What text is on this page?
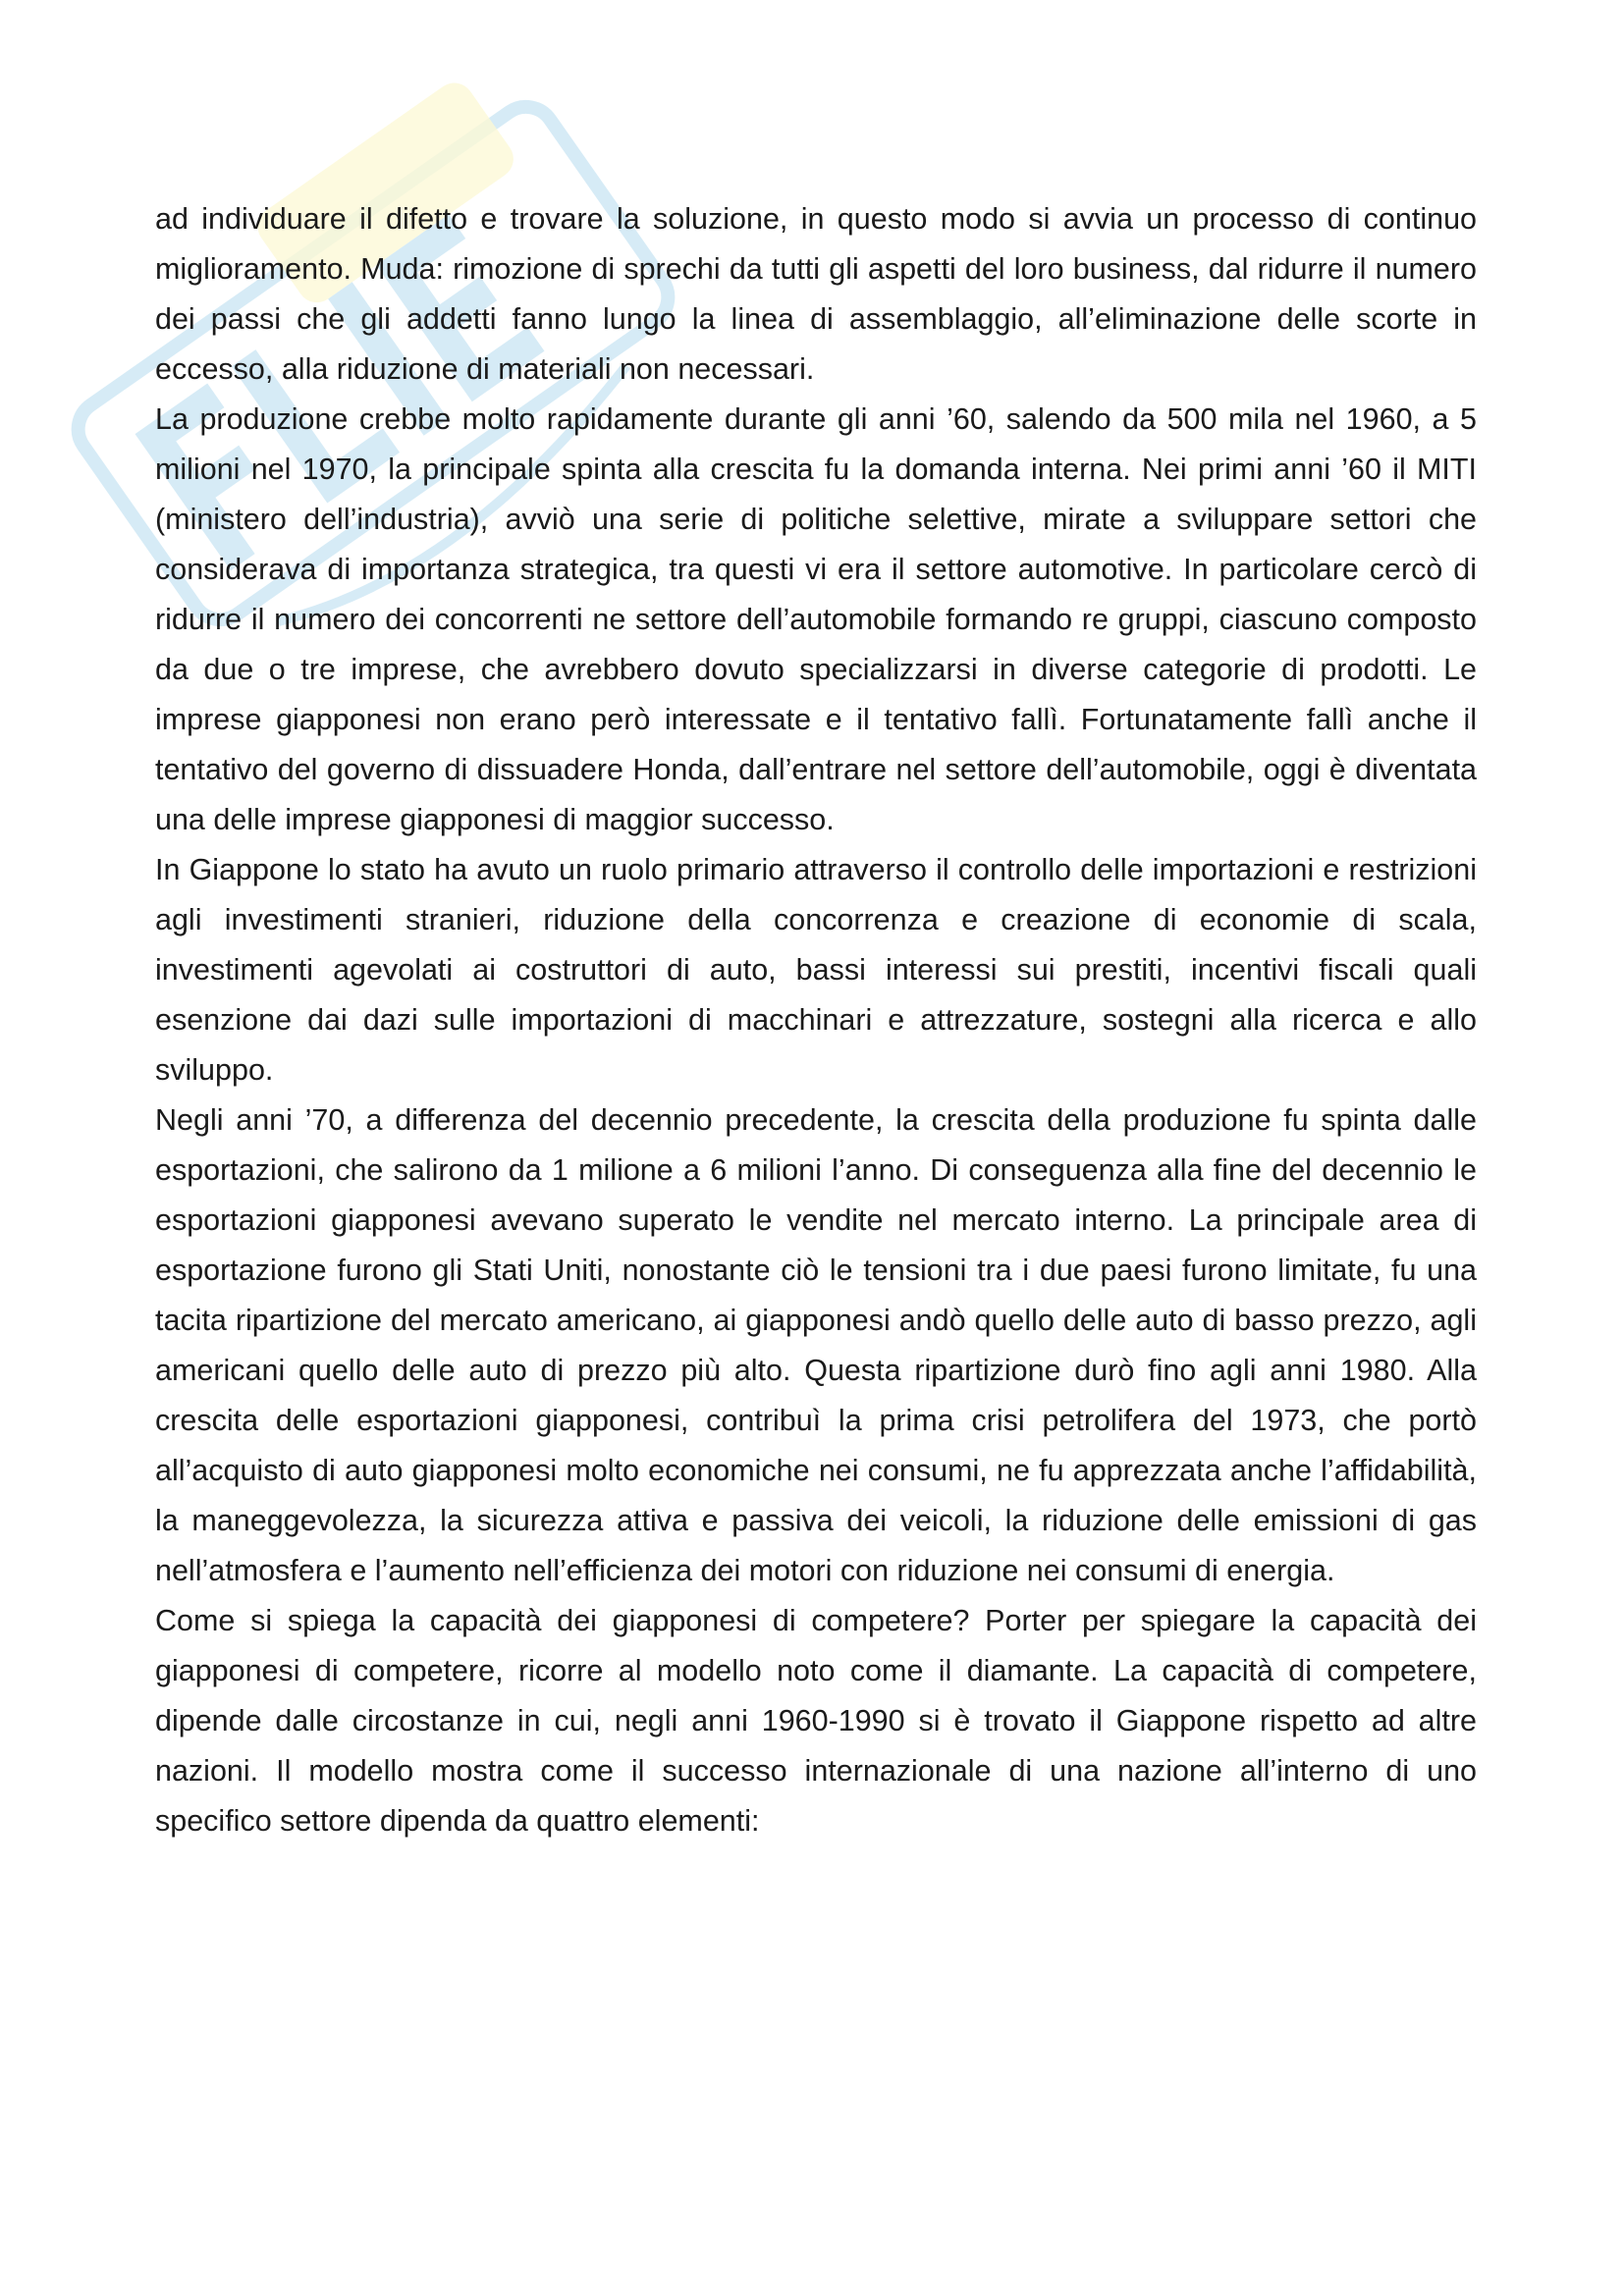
ad individuare il difetto e trovare la soluzione, in questo modo si avvia un processo di continuo miglioramento. Muda: rimozione di sprechi da tutti gli aspetti del loro business, dal ridurre il numero dei passi che gli addetti fanno lungo la linea di assemblaggio, all’eliminazione delle scorte in eccesso, alla riduzione di materiali non necessari.

La produzione crebbe molto rapidamente durante gli anni ’60, salendo da 500 mila nel 1960, a 5 milioni nel 1970, la principale spinta alla crescita fu la domanda interna. Nei primi anni ’60 il MITI (ministero dell’industria), avviò una serie di politiche selettive, mirate a sviluppare settori che considerava di importanza strategica, tra questi vi era il settore automotive. In particolare cercò di ridurre il numero dei concorrenti ne settore dell’automobile formando re gruppi, ciascuno composto da due o tre imprese, che avrebbero dovuto specializzarsi in diverse categorie di prodotti. Le imprese giapponesi non erano però interessate e il tentativo fallì. Fortunatamente fallì anche il tentativo del governo di dissuadere Honda, dall’entrare nel settore dell’automobile, oggi è diventata una delle imprese giapponesi di maggior successo.

In Giappone lo stato ha avuto un ruolo primario attraverso il controllo delle importazioni e restrizioni agli investimenti stranieri, riduzione della concorrenza e creazione di economie di scala, investimenti agevolati ai costruttori di auto, bassi interessi sui prestiti, incentivi fiscali quali esenzione dai dazi sulle importazioni di macchinari e attrezzature, sostegni alla ricerca e allo sviluppo.

Negli anni ’70, a differenza del decennio precedente, la crescita della produzione fu spinta dalle esportazioni, che salirono da 1 milione a 6 milioni l’anno. Di conseguenza alla fine del decennio le esportazioni giapponesi avevano superato le vendite nel mercato interno. La principale area di esportazione furono gli Stati Uniti, nonostante ciò le tensioni tra i due paesi furono limitate, fu una tacita ripartizione del mercato americano, ai giapponesi andò quello delle auto di basso prezzo, agli americani quello delle auto di prezzo più alto. Questa ripartizione durò fino agli anni 1980. Alla crescita delle esportazioni giapponesi, contribuì la prima crisi petrolifera del 1973, che portò all’acquisto di auto giapponesi molto economiche nei consumi, ne fu apprezzata anche l’affidabilità, la maneggevolezza, la sicurezza attiva e passiva dei veicoli, la riduzione delle emissioni di gas nell’atmosfera e l’aumento nell’efficienza dei motori con riduzione nei consumi di energia.

Come si spiega la capacità dei giapponesi di competere? Porter per spiegare la capacità dei giapponesi di competere, ricorre al modello noto come il diamante. La capacità di competere, dipende dalle circostanze in cui, negli anni 1960-1990 si è trovato il Giappone rispetto ad altre nazioni. Il modello mostra come il successo internazionale di una nazione all’interno di uno specifico settore dipenda da quattro elementi:
